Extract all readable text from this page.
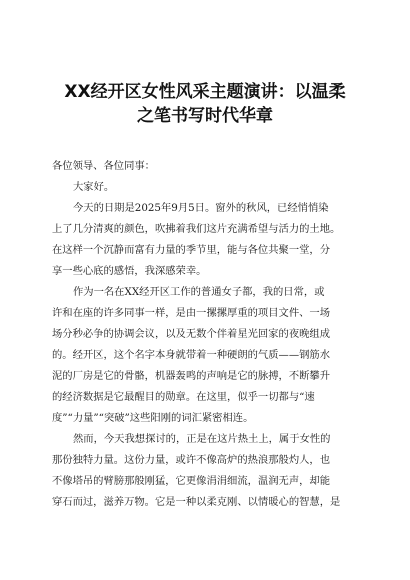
XX经开区女性风采主题演讲：以温柔
之笔书写时代华章
各位领导、各位同事：
大家好。
今天的日期是2025年9月5日。窗外的秋风，已经悄悄染
上了几分清爽的颜色，吹拂着我们这片充满希望与活力的土地。
在这样一个沉静而富有力量的季节里，能与各位共聚一堂，分
享一些心底的感悟，我深感荣幸。
作为一名在XX经开区工作的普通女子都，我的日常，或
许和在座的许多同事一样，是由一摞摞厚重的项目文件、一场
场分秒必争的协调会议，以及无数个伴着星光回家的夜晚组成
的。经开区，这个名字本身就带着一种硬朗的气质——钢筋水
泥的厂房是它的骨骼，机器轰鸣的声响是它的脉搏，不断攀升
的经济数据是它最醒目的勋章。在这里，似乎一切都与“速
度”“力量”“突破”这些阳刚的词汇紧密相连。
然而，今天我想探讨的，正是在这片热土上，属于女性的
那份独特力量。这份力量，或许不像高炉的热浪那般灼人，也
不像塔吊的臂膀那般刚猛，它更像涓涓细流，温润无声，却能
穿石而过，滋养万物。它是一种以柔克刚、以情暖心的智慧，是
